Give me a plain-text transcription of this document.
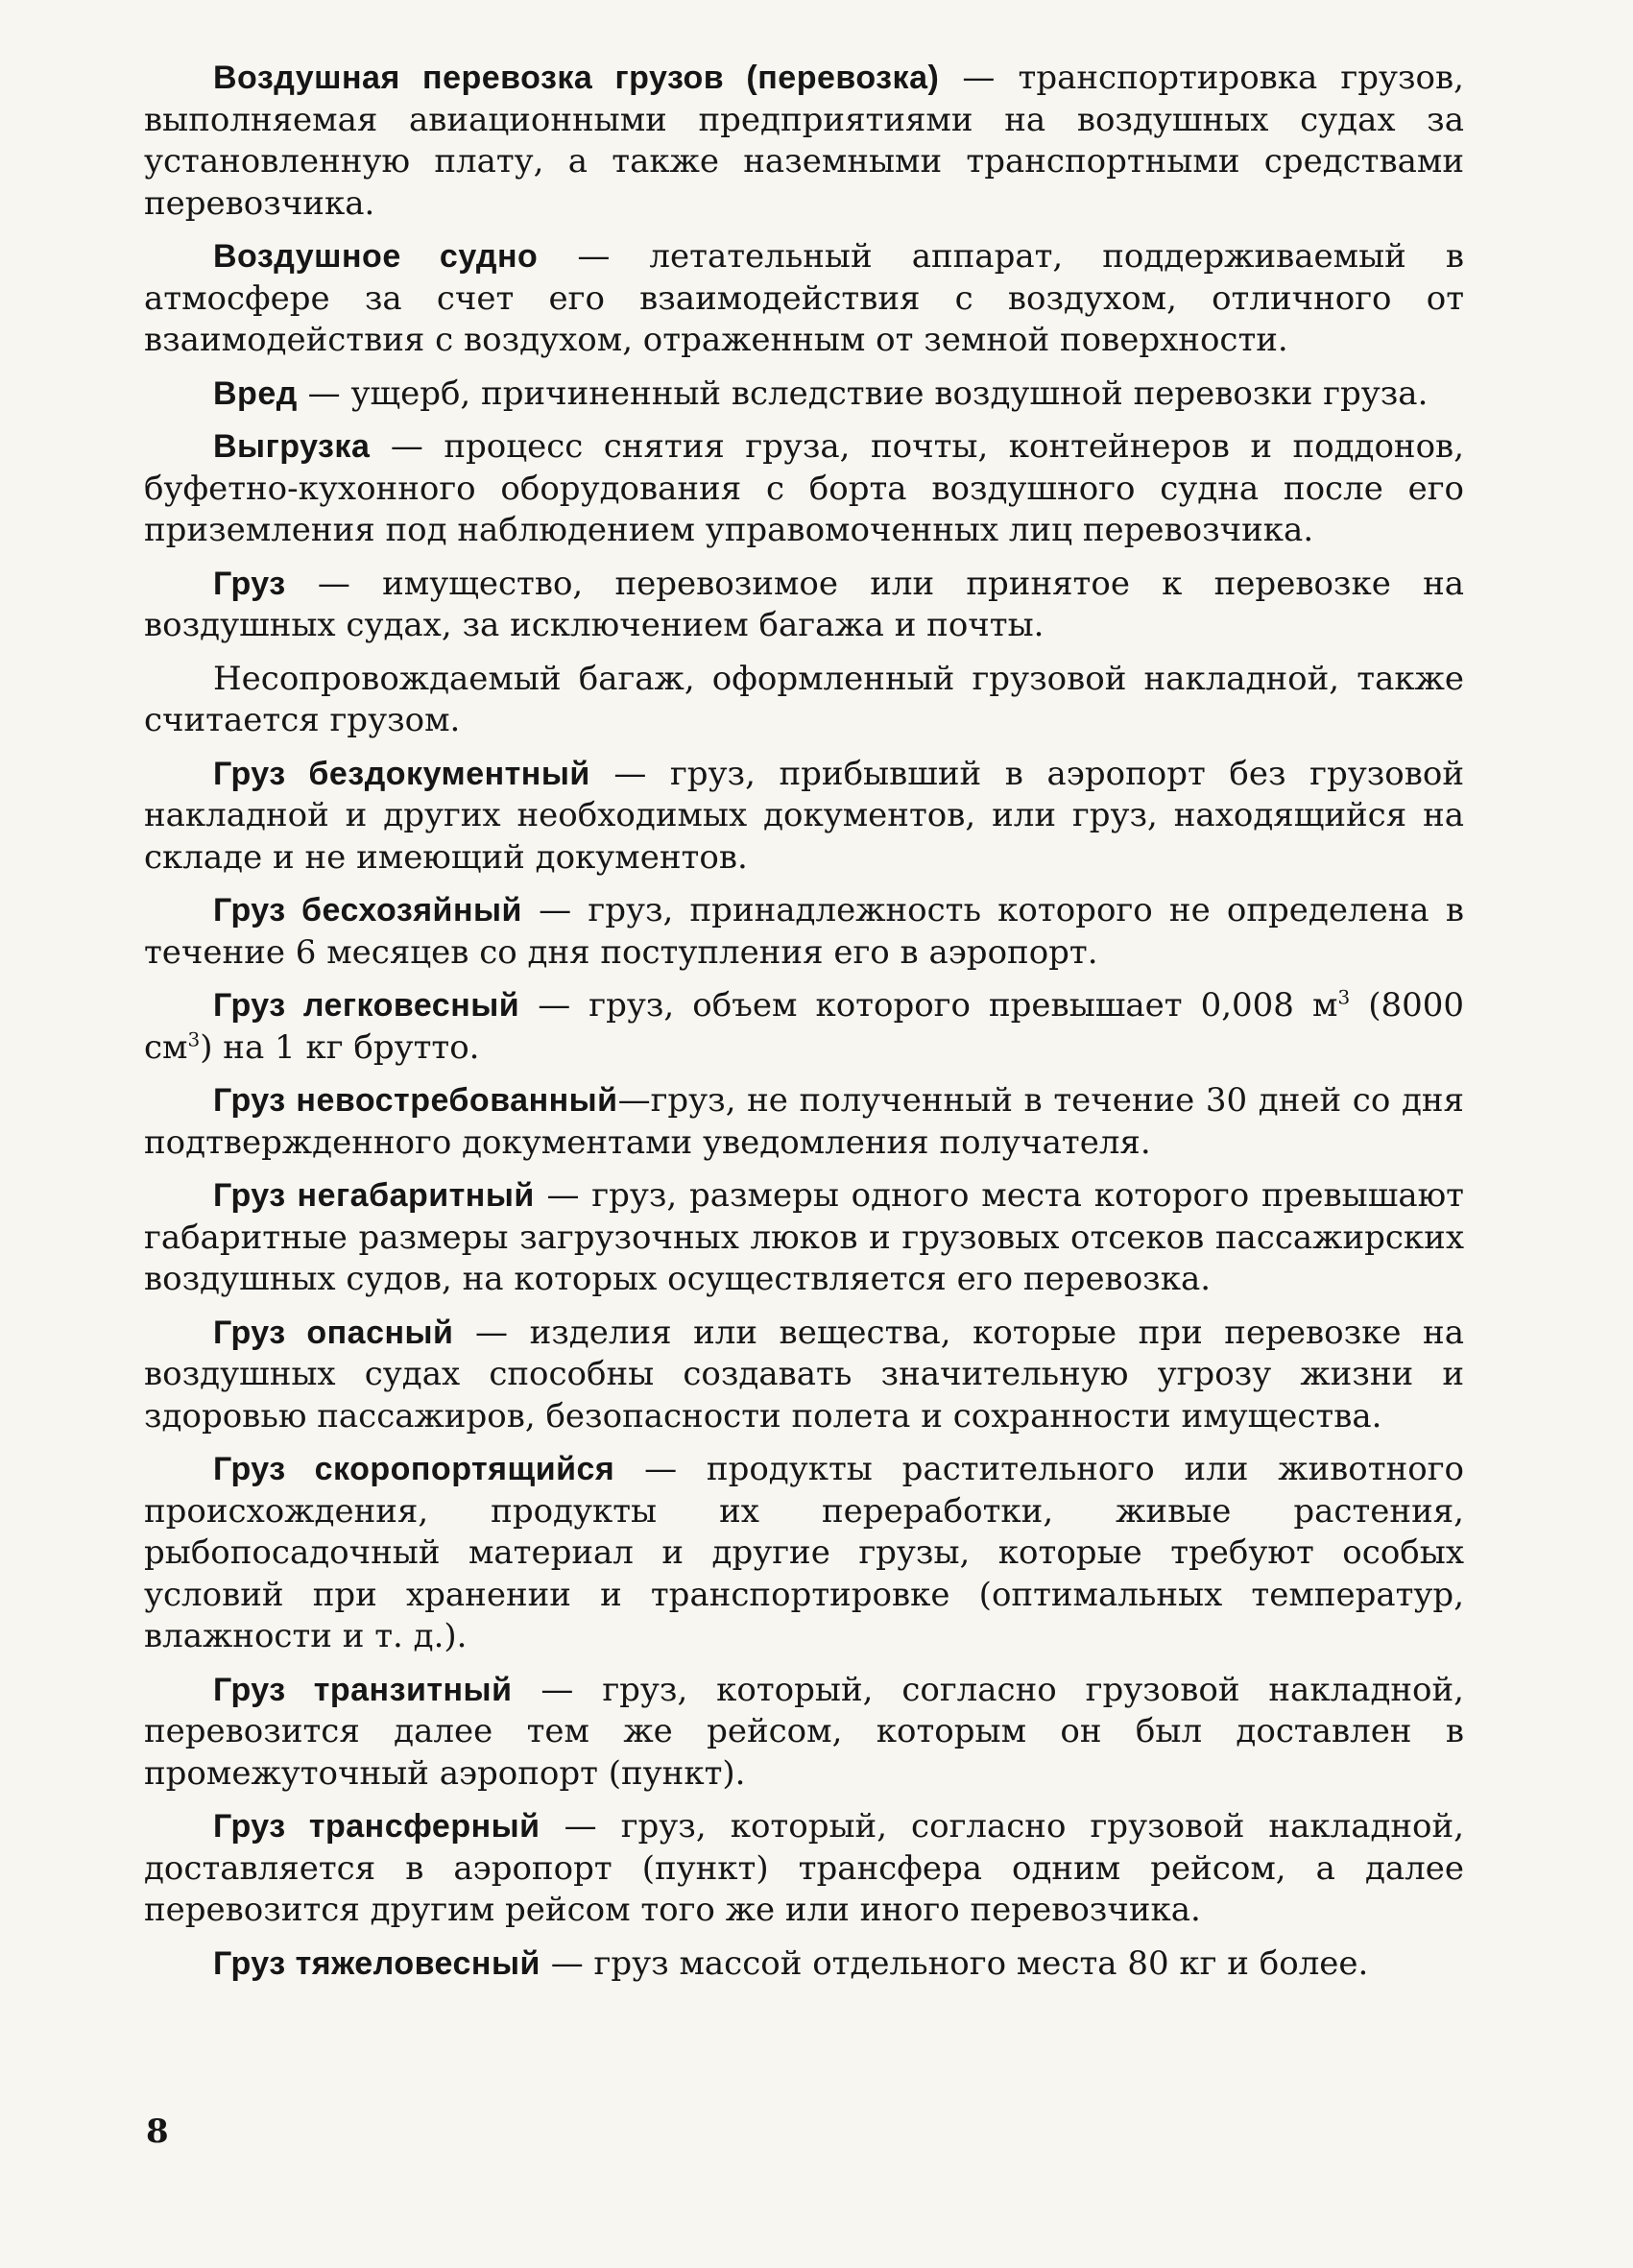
Воздушная перевозка грузов (перевозка) — транспортировка грузов, выполняемая авиационными предприятиями на воздушных судах за установленную плату, а также наземными транспортными средствами перевозчика.

Воздушное судно — летательный аппарат, поддерживаемый в атмосфере за счет его взаимодействия с воздухом, отличного от взаимодействия с воздухом, отраженным от земной поверхности.

Вред — ущерб, причиненный вследствие воздушной перевозки груза.

Выгрузка — процесс снятия груза, почты, контейнеров и поддонов, буфетно-кухонного оборудования с борта воздушного судна после его приземления под наблюдением управомоченных лиц перевозчика.

Груз — имущество, перевозимое или принятое к перевозке на воздушных судах, за исключением багажа и почты.

Несопровождаемый багаж, оформленный грузовой накладной, также считается грузом.

Груз бездокументный — груз, прибывший в аэропорт без грузовой накладной и других необходимых документов, или груз, находящийся на складе и не имеющий документов.

Груз бесхозяйный — груз, принадлежность которого не определена в течение 6 месяцев со дня поступления его в аэропорт.

Груз легковесный — груз, объем которого превышает 0,008 $м^3$ (8000 $см^3$) на 1 кг брутто.

Груз невостребованный—груз, не полученный в течение 30 дней со дня подтвержденного документами уведомления получателя.

Груз негабаритный — груз, размеры одного места которого превышают габаритные размеры загрузочных люков и грузовых отсеков пассажирских воздушных судов, на которых осуществляется его перевозка.

Груз опасный — изделия или вещества, которые при перевозке на воздушных судах способны создавать значительную угрозу жизни и здоровью пассажиров, безопасности полета и сохранности имущества.

Груз скоропортящийся — продукты растительного или животного происхождения, продукты их переработки, живые растения, рыбопосадочный материал и другие грузы, которые требуют особых условий при хранении и транспортировке (оптимальных температур, влажности и т. д.).

Груз транзитный — груз, который, согласно грузовой накладной, перевозится далее тем же рейсом, которым он был доставлен в промежуточный аэропорт (пункт).

Груз трансферный — груз, который, согласно грузовой накладной, доставляется в аэропорт (пункт) трансфера одним рейсом, а далее перевозится другим рейсом того же или иного перевозчика.

Груз тяжеловесный — груз массой отдельного места 80 кг и более.

8
